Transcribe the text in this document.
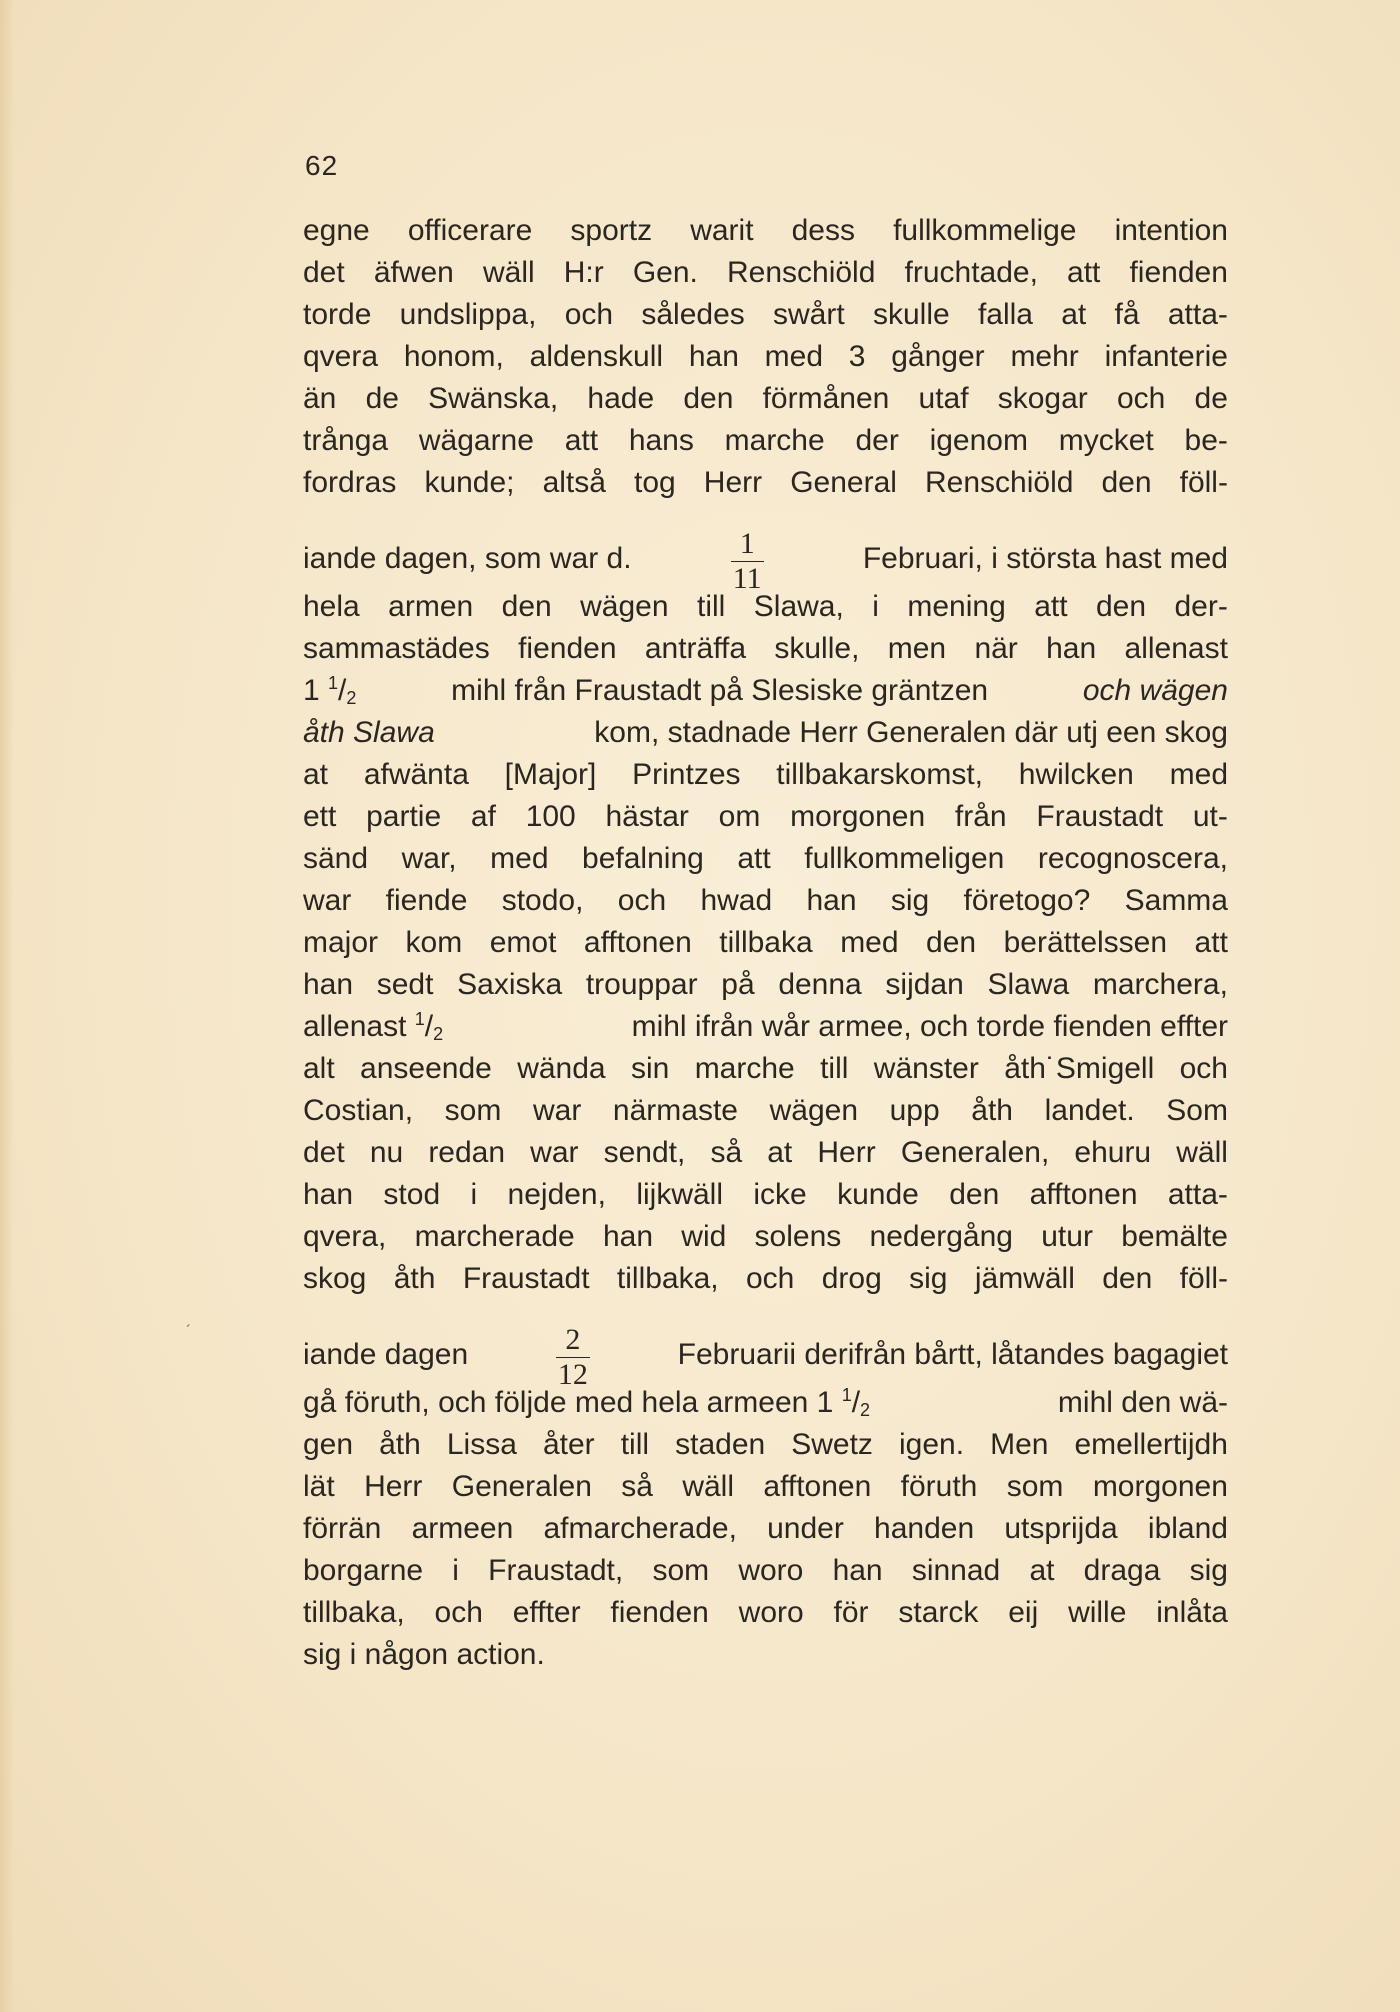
62
egne officerare sportz warit dess fullkommelige intention
det äfwen wäll H:r Gen. Renschiöld fruchtade, att fienden
torde undslippa, och således swårt skulle falla at få atta-
qvera honom, aldenskull han med 3 gånger mehr infanterie
än de Swänska, hade den förmånen utaf skogar och de
trånga wägarne att hans marche der igenom mycket be-
fordras kunde; altså tog Herr General Renschiöld den föll-
iande dagen, som war d.	$\frac{1}{11}$	Februari, i största hast med
hela armen den wägen till Slawa, i mening att den der-
sammastädes fienden anträffa skulle, men när han allenast
1 $^1$/2	mihl från Fraustadt på Slesiske gräntzen	och wägen
åth Slawa	kom, stadnade Herr Generalen där utj een skog
at afwänta [Major] Printzes tillbakarskomst, hwilcken med
ett partie af 100 hästar om morgonen från Fraustadt ut-
sänd war, med befalning att fullkommeligen recognoscera,
war fiende stodo, och hwad han sig företogo? Samma
major kom emot afftonen tillbaka med den berättelssen att
han sedt Saxiska trouppar på denna sijdan Slawa marchera,
allenast $^1$/2	mihl ifrån wår armee, och torde fienden effter
alt anseende wända sin marche till wänster åth˙Smigell och
Costian, som war närmaste wägen upp åth landet. Som
det nu redan war sendt, så at Herr Generalen, ehuru wäll
han stod i nejden, lijkwäll icke kunde den afftonen atta-
qvera, marcherade han wid solens nedergång utur bemälte
skog åth Fraustadt tillbaka, och drog sig jämwäll den föll-
iande dagen	$\frac{2}{12}$	Februarii derifrån bårtt, låtandes bagagiet
gå föruth, och följde med hela armeen 1 $^1$/2	mihl den wä-
gen åth Lissa åter till staden Swetz igen. Men emellertijdh
lät Herr Generalen så wäll afftonen föruth som morgonen
förrän armeen afmarcherade, under handen utsprijda ibland
borgarne i Fraustadt, som woro han sinnad at draga sig
tillbaka, och effter fienden woro för starck eij wille inlåta
sig i någon action.
ˊ
